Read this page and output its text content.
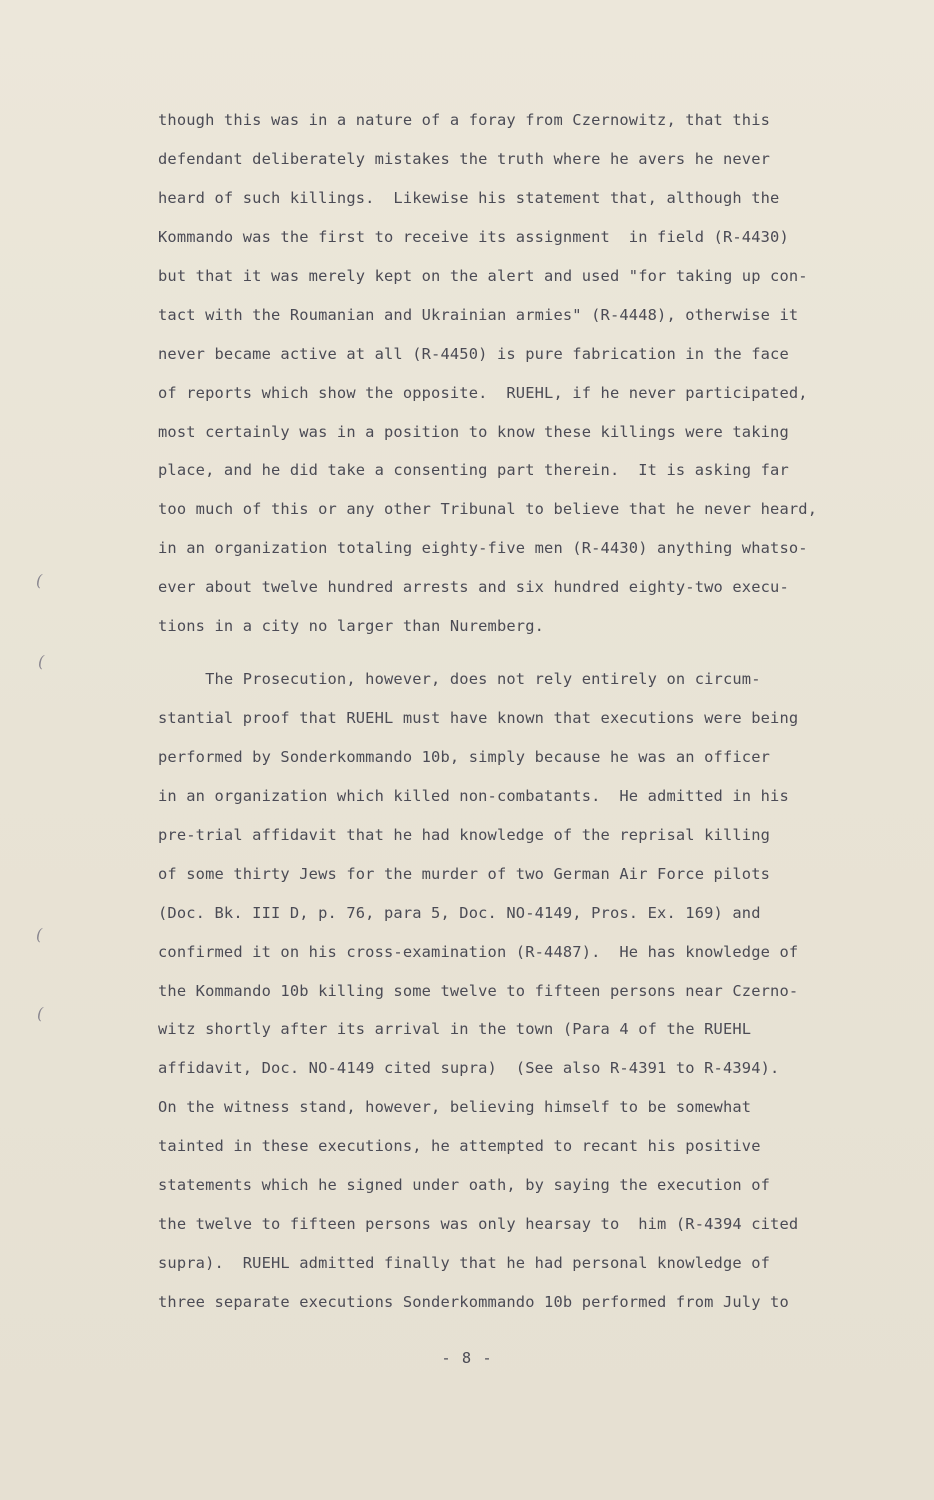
though this was in a nature of a foray from Czernowitz, that this
defendant deliberately mistakes the truth where he avers he never
heard of such killings.  Likewise his statement that, although the
Kommando was the first to receive its assignment  in field (R-4430)
but that it was merely kept on the alert and used "for taking up con-
tact with the Roumanian and Ukrainian armies" (R-4448), otherwise it
never became active at all (R-4450) is pure fabrication in the face
of reports which show the opposite.  RUEHL, if he never participated,
most certainly was in a position to know these killings were taking
place, and he did take a consenting part therein.  It is asking far
too much of this or any other Tribunal to believe that he never heard,
in an organization totaling eighty-five men (R-4430) anything whatso-
ever about twelve hundred arrests and six hundred eighty-two execu-
tions in a city no larger than Nuremberg.
The Prosecution, however, does not rely entirely on circum-
stantial proof that RUEHL must have known that executions were being
performed by Sonderkommando 10b, simply because he was an officer
in an organization which killed non-combatants.  He admitted in his
pre-trial affidavit that he had knowledge of the reprisal killing
of some thirty Jews for the murder of two German Air Force pilots
(Doc. Bk. III D, p. 76, para 5, Doc. NO-4149, Pros. Ex. 169) and
confirmed it on his cross-examination (R-4487).  He has knowledge of
the Kommando 10b killing some twelve to fifteen persons near Czerno-
witz shortly after its arrival in the town (Para 4 of the RUEHL
affidavit, Doc. NO-4149 cited supra)  (See also R-4391 to R-4394).
On the witness stand, however, believing himself to be somewhat
tainted in these executions, he attempted to recant his positive
statements which he signed under oath, by saying the execution of
the twelve to fifteen persons was only hearsay to  him (R-4394 cited
supra).  RUEHL admitted finally that he had personal knowledge of
three separate executions Sonderkommando 10b performed from July to
(
(
(
(
- 8 -
